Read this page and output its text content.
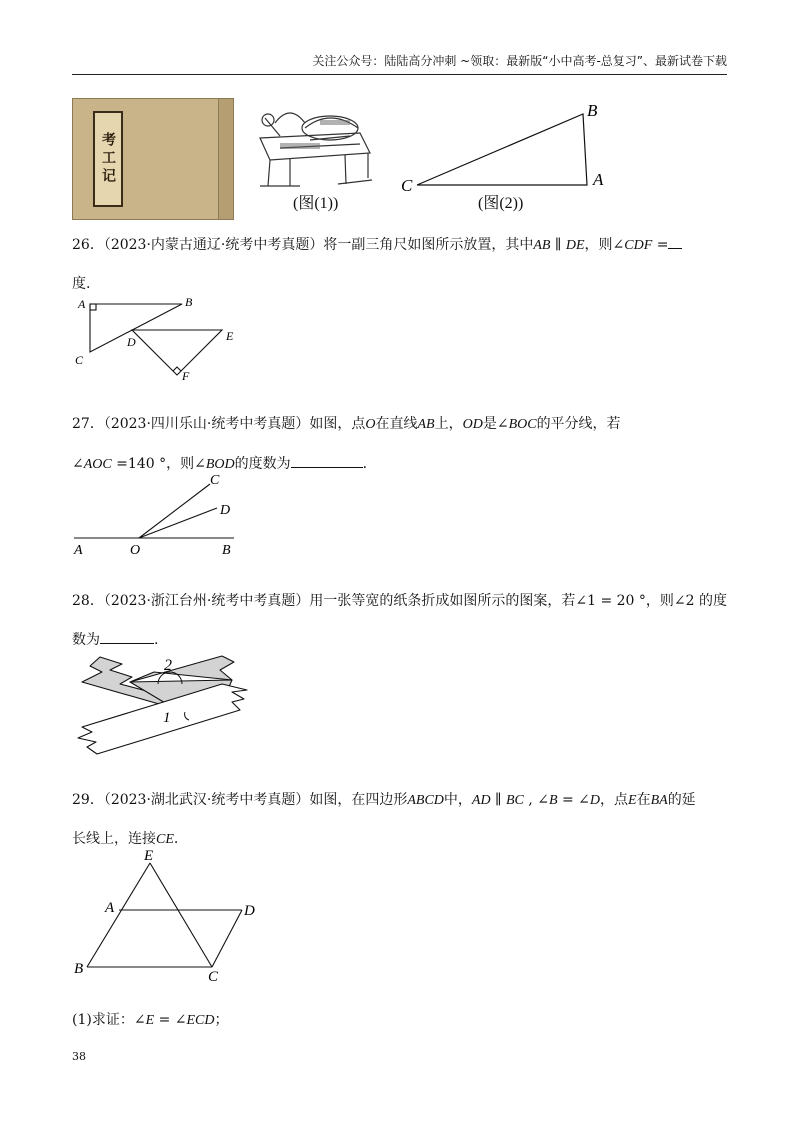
关注公众号：陆陆高分冲刺 ~领取：最新版“小中高考-总复习”、最新试卷下载
考工记
(图(1))
B
C	A
(图(2))
26．（2023·内蒙古通辽·统考中考真题）将一副三角尺如图所示放置，其中AB ∥ DE，则∠CDF =
度.
A	B
C
D	E
F
27．（2023·四川乐山·统考中考真题）如图，点O在直线AB上，OD是∠BOC的平分线，若
∠AOC =140 °，则∠BOD的度数为	.
A	O	B
C
D
28．（2023·浙江台州·统考中考真题）用一张等宽的纸条折成如图所示的图案，若∠1 = 20 °，则∠2 的度
数为	.
2
1
29．（2023·湖北武汉·统考中考真题）如图，在四边形ABCD中，AD ∥ BC , ∠B = ∠D，点E在BA的延
长线上，连接CE.
E
A	D
B	C
(1)求证：∠E = ∠ECD；
38
